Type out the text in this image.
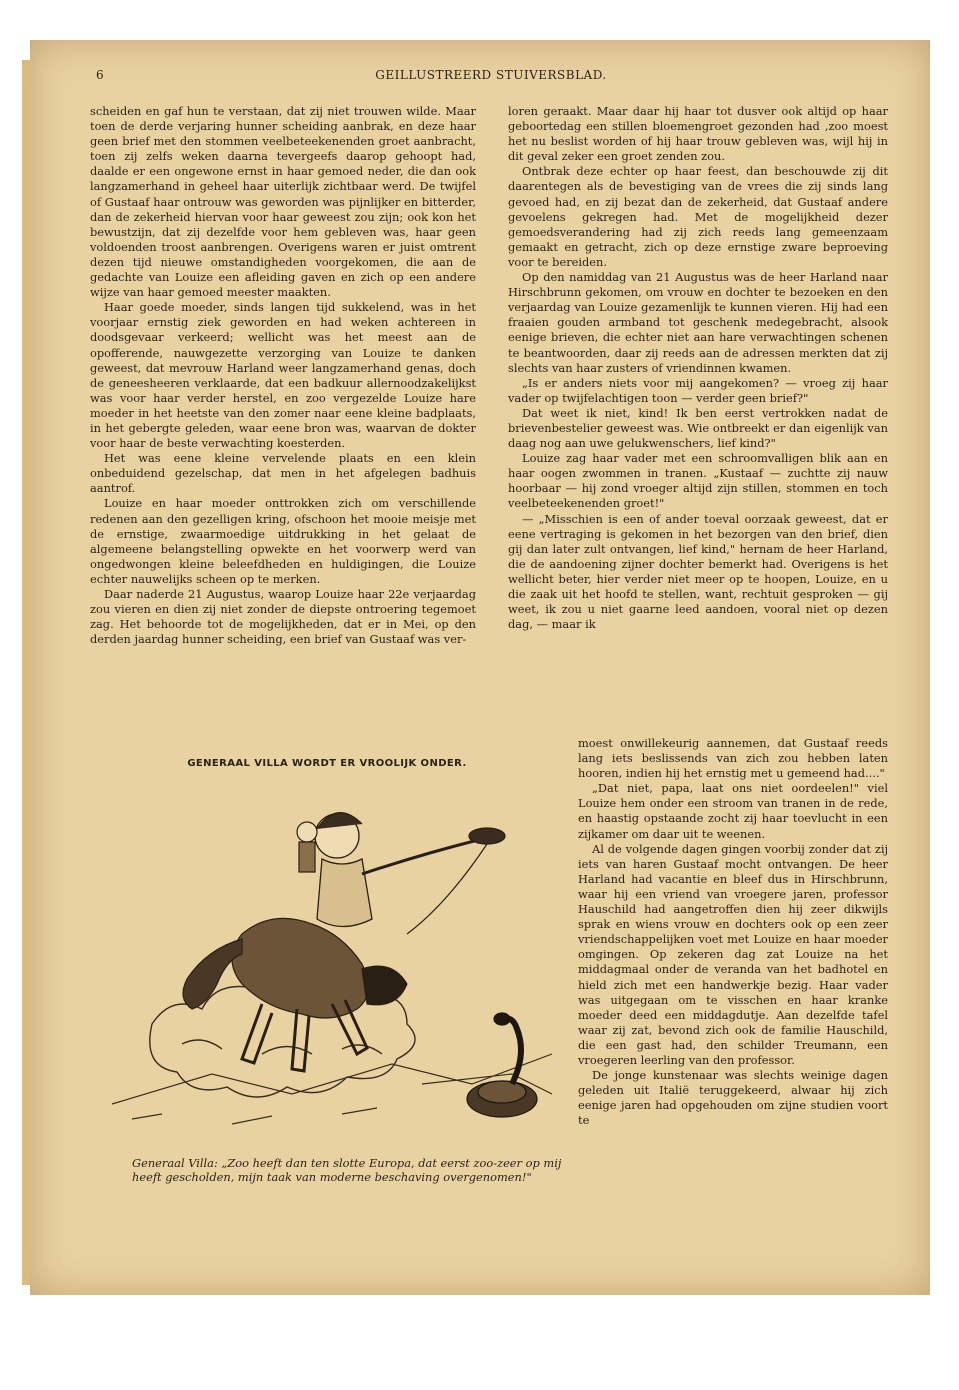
6	GEILLUSTREERD STUIVERSBLAD.

scheiden en gaf hun te verstaan, dat zij niet trouwen wilde. Maar toen de derde verjaring hunner scheiding aanbrak, en deze haar geen brief met den stommen veelbeteekenenden groet aanbracht, toen zij zelfs weken daarna tevergeefs daarop gehoopt had, daalde er een ongewone ernst in haar gemoed neder, die dan ook langzamerhand in geheel haar uiterlijk zichtbaar werd. De twijfel of Gustaaf haar ontrouw was geworden was pijnlijker en bitterder, dan de zekerheid hiervan voor haar geweest zou zijn; ook kon het bewustzijn, dat zij dezelfde voor hem gebleven was, haar geen voldoenden troost aanbrengen. Overigens waren er juist omtrent dezen tijd nieuwe omstandigheden voorgekomen, die aan de gedachte van Louize een afleiding gaven en zich op een andere wijze van haar gemoed meester maakten.

Haar goede moeder, sinds langen tijd sukkelend, was in het voorjaar ernstig ziek geworden en had weken achtereen in doodsgevaar verkeerd; wellicht was het meest aan de opofferende, nauwgezette verzorging van Louize te danken geweest, dat mevrouw Harland weer langzamerhand genas, doch de geneesheeren verklaarde, dat een badkuur allernoodzakelijkst was voor haar verder herstel, en zoo vergezelde Louize hare moeder in het heetste van den zomer naar eene kleine badplaats, in het gebergte geleden, waar eene bron was, waarvan de dokter voor haar de beste verwachting koesterden.

Het was eene kleine vervelende plaats en een klein onbeduidend gezelschap, dat men in het afgelegen badhuis aantrof.

Louize en haar moeder onttrokken zich om verschillende redenen aan den gezelligen kring, ofschoon het mooie meisje met de ernstige, zwaarmoedige uitdrukking in het gelaat de algemeene belangstelling opwekte en het voorwerp werd van ongedwongen kleine beleefdheden en huldigingen, die Louize echter nauwelijks scheen op te merken.

Daar naderde 21 Augustus, waarop Louize haar 22e verjaardag zou vieren en dien zij niet zonder de diepste ontroering tegemoet zag. Het behoorde tot de mogelijkheden, dat er in Mei, op den derden jaardag hunner scheiding, een brief van Gustaaf was ver-

loren geraakt. Maar daar hij haar tot dusver ook altijd op haar geboortedag een stillen bloemengroet gezonden had ,zoo moest het nu beslist worden of hij haar trouw gebleven was, wijl hij in dit geval zeker een groet zenden zou.

Ontbrak deze echter op haar feest, dan beschouwde zij dit daarentegen als de bevestiging van de vrees die zij sinds lang gevoed had, en zij bezat dan de zekerheid, dat Gustaaf andere gevoelens gekregen had. Met de mogelijkheid dezer gemoedsverandering had zij zich reeds lang gemeenzaam gemaakt en getracht, zich op deze ernstige zware beproeving voor te bereiden.

Op den namiddag van 21 Augustus was de heer Harland naar Hirschbrunn gekomen, om vrouw en dochter te bezoeken en den verjaardag van Louize gezamenlijk te kunnen vieren. Hij had een fraaien gouden armband tot geschenk medegebracht, alsook eenige brieven, die echter niet aan hare verwachtingen schenen te beantwoorden, daar zij reeds aan de adressen merkten dat zij slechts van haar zusters of vriendinnen kwamen.

„Is er anders niets voor mij aangekomen? — vroeg zij haar vader op twijfelachtigen toon — verder geen brief?"

Dat weet ik niet, kind! Ik ben eerst vertrokken nadat de brievenbestelier geweest was. Wie ontbreekt er dan eigenlijk van daag nog aan uwe gelukwenschers, lief kind?"

Louize zag haar vader met een schroomvalligen blik aan en haar oogen zwommen in tranen. „Kustaaf — zuchtte zij nauw hoorbaar — hij zond vroeger altijd zijn stillen, stommen en toch veelbeteekenenden groet!"

— „Misschien is een of ander toeval oorzaak geweest, dat er eene vertraging is gekomen in het bezorgen van den brief, dien gij dan later zult ontvangen, lief kind," hernam de heer Harland, die de aandoening zijner dochter bemerkt had. Overigens is het wellicht beter, hier verder niet meer op te hoopen, Louize, en u die zaak uit het hoofd te stellen, want, rechtuit gesproken — gij weet, ik zou u niet gaarne leed aandoen, vooral niet op dezen dag, — maar ik

moest onwillekeurig aannemen, dat Gustaaf reeds lang iets beslissends van zich zou hebben laten hooren, indien hij het ernstig met u gemeend had...."

„Dat niet, papa, laat ons niet oordeelen!" viel Louize hem onder een stroom van tranen in de rede, en haastig opstaande zocht zij haar toevlucht in een zijkamer om daar uit te weenen.

Al de volgende dagen gingen voorbij zonder dat zij iets van haren Gustaaf mocht ontvangen. De heer Harland had vacantie en bleef dus in Hirschbrunn, waar hij een vriend van vroegere jaren, professor Hauschild had aangetroffen dien hij zeer dikwijls sprak en wiens vrouw en dochters ook op een zeer vriendschappelijken voet met Louize en haar moeder omgingen. Op zekeren dag zat Louize na het middagmaal onder de veranda van het badhotel en hield zich met een handwerkje bezig. Haar vader was uitgegaan om te visschen en haar kranke moeder deed een middagdutje. Aan dezelfde tafel waar zij zat, bevond zich ook de familie Hauschild, die een gast had, den schilder Treumann, een vroegeren leerling van den professor.

De jonge kunstenaar was slechts weinige dagen geleden uit Italië teruggekeerd, alwaar hij zich eenige jaren had opgehouden om zijne studien voort te

GENERAAL VILLA WORDT ER VROOLIJK ONDER.
Generaal Villa: „Zoo heeft dan ten slotte Europa, dat eerst zoo-zeer op mij heeft gescholden, mijn taak van moderne beschaving overgenomen!"
